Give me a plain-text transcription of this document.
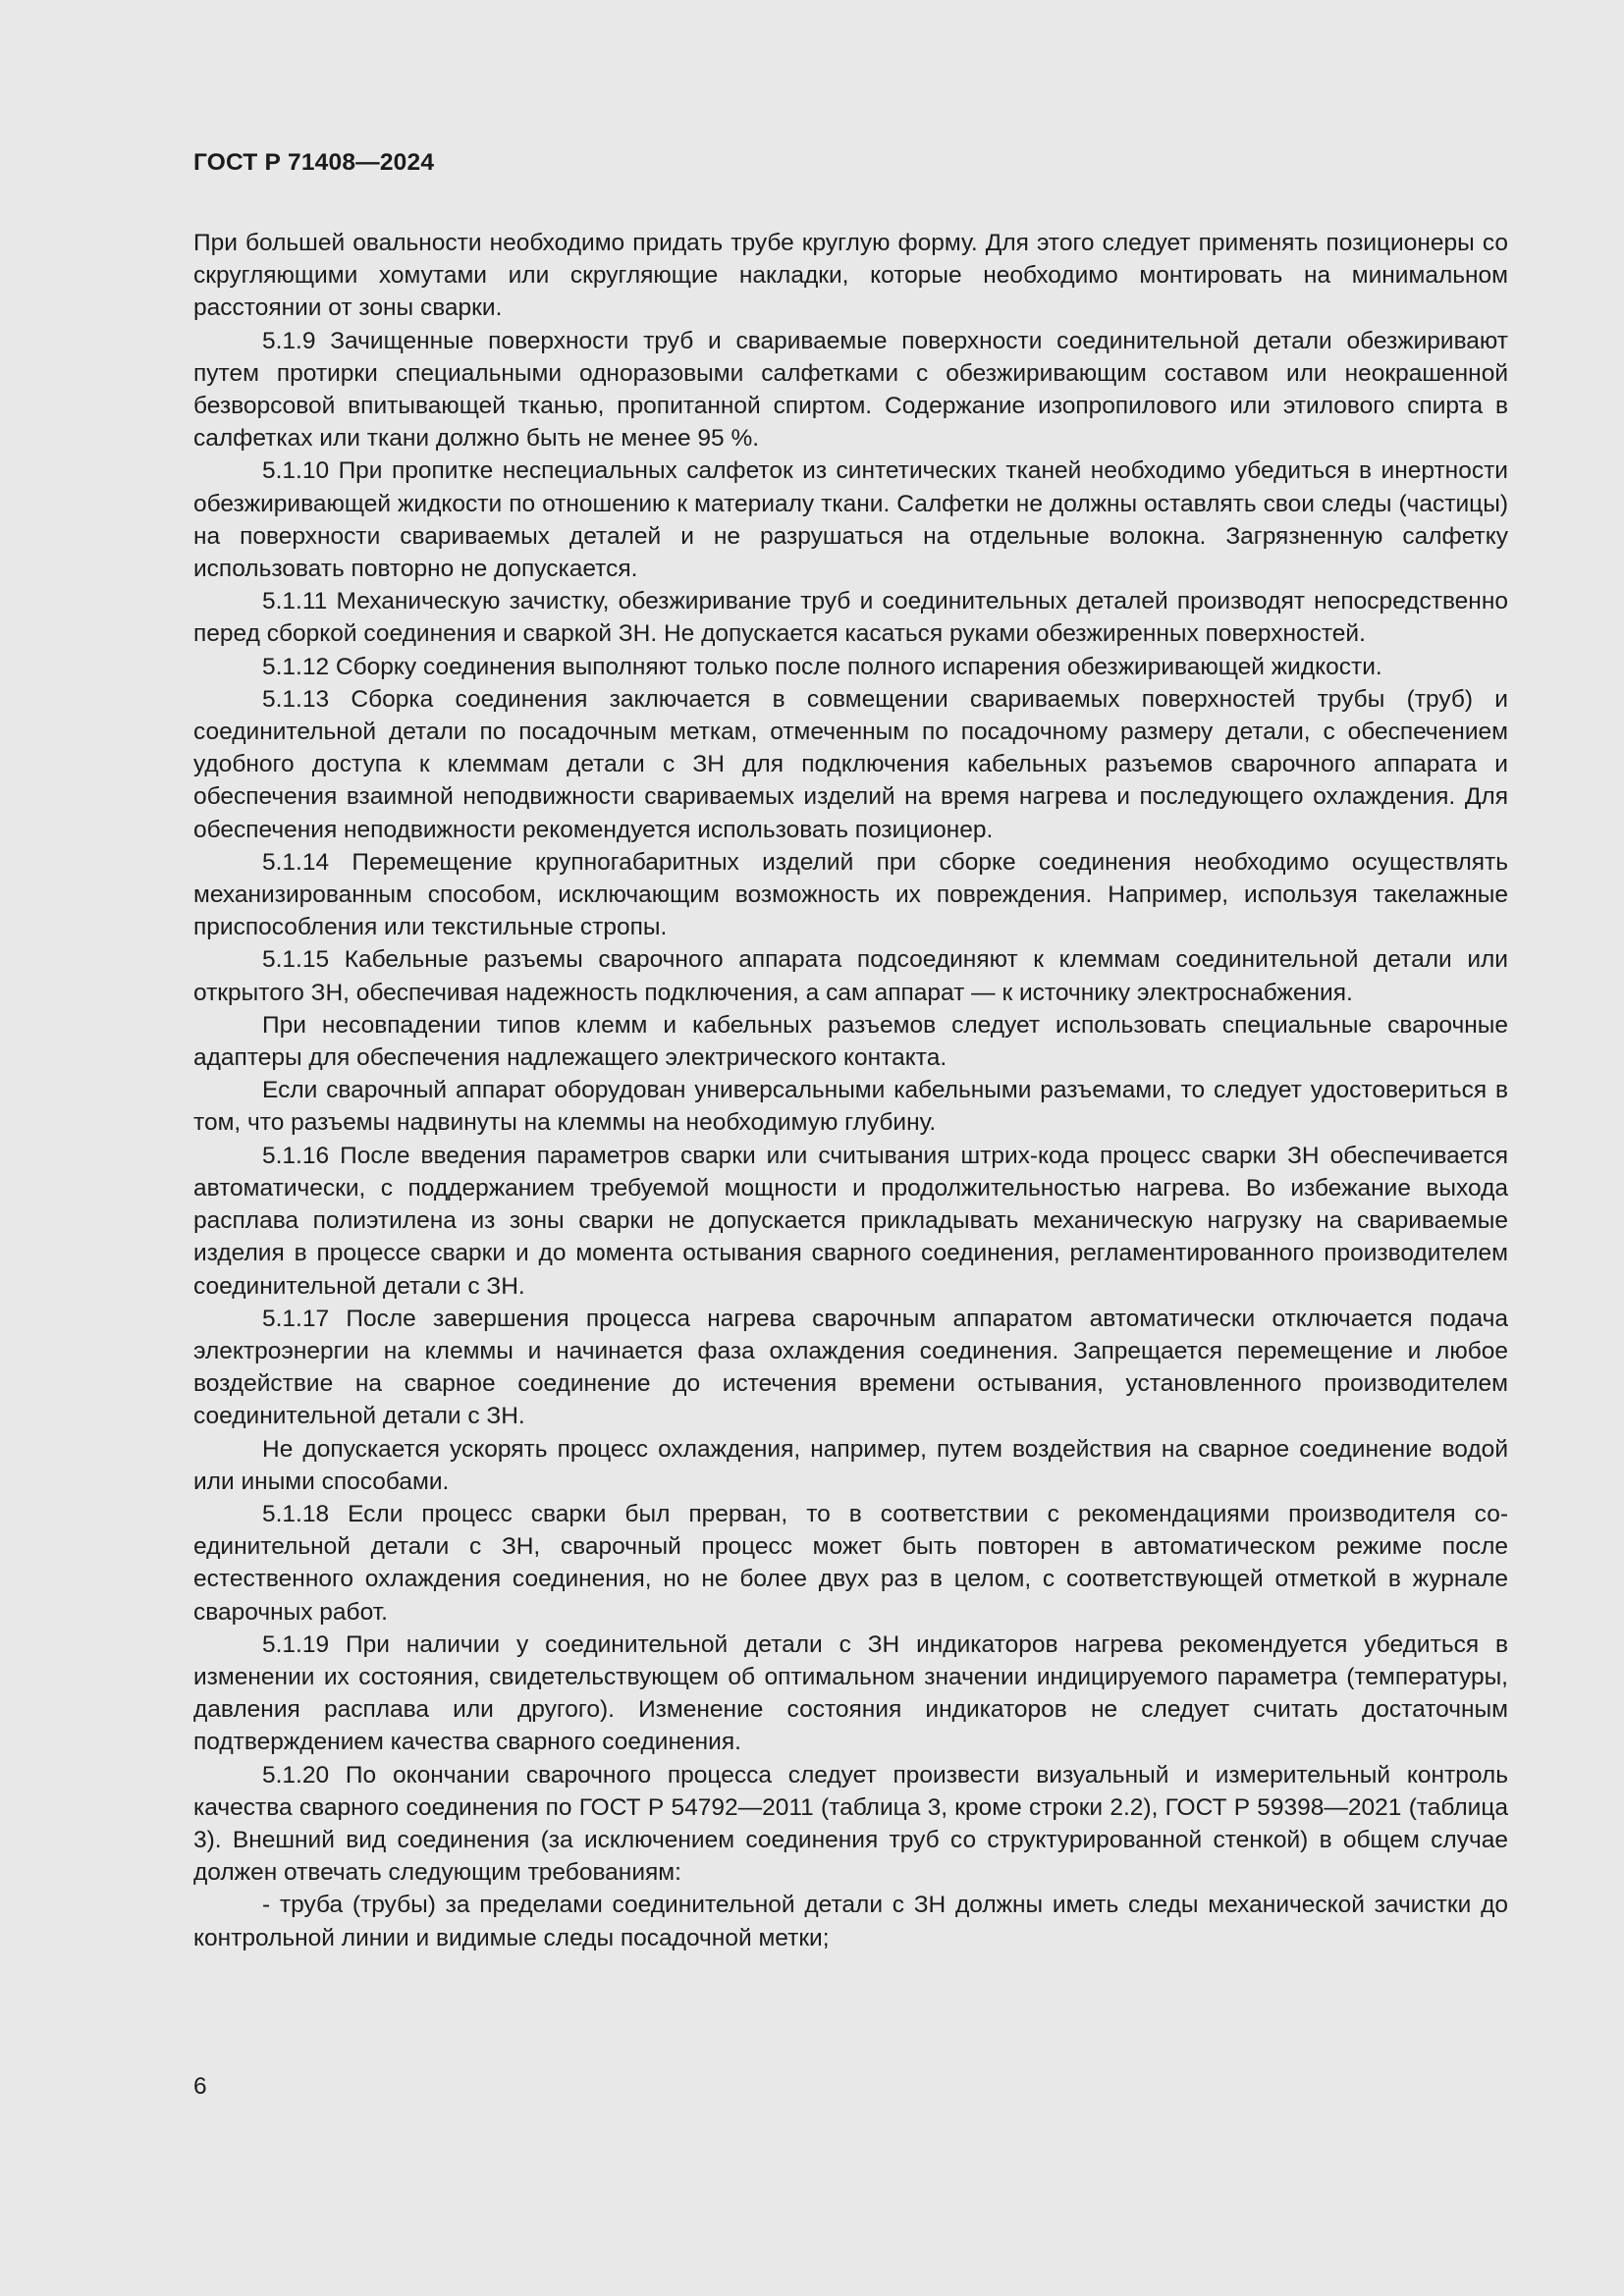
ГОСТ Р 71408—2024

При большей овальности необходимо придать трубе круглую форму. Для этого следует применять позиционеры со скругляющими хомутами или скругляющие накладки, которые необходимо монтировать на минимальном расстоянии от зоны сварки.

5.1.9 Зачищенные поверхности труб и свариваемые поверхности соединительной детали обезжиривают путем протирки специальными одноразовыми салфетками с обезжиривающим составом или неокрашенной безворсовой впитывающей тканью, пропитанной спиртом. Содержание изопропилового или этилового спирта в салфетках или ткани должно быть не менее 95 %.

5.1.10 При пропитке неспециальных салфеток из синтетических тканей необходимо убедиться в инертности обезжиривающей жидкости по отношению к материалу ткани. Салфетки не должны оставлять свои следы (частицы) на поверхности свариваемых деталей и не разрушаться на отдельные волокна. Загрязненную салфетку использовать повторно не допускается.

5.1.11 Механическую зачистку, обезжиривание труб и соединительных деталей производят непосредственно перед сборкой соединения и сваркой ЗН. Не допускается касаться руками обезжиренных поверхностей.

5.1.12 Сборку соединения выполняют только после полного испарения обезжиривающей жидкости.

5.1.13 Сборка соединения заключается в совмещении свариваемых поверхностей трубы (труб) и соединительной детали по посадочным меткам, отмеченным по посадочному размеру детали, с обеспечением удобного доступа к клеммам детали с ЗН для подключения кабельных разъемов сварочного аппарата и обеспечения взаимной неподвижности свариваемых изделий на время нагрева и последующего охлаждения. Для обеспечения неподвижности рекомендуется использовать позиционер.

5.1.14 Перемещение крупногабаритных изделий при сборке соединения необходимо осуществлять механизированным способом, исключающим возможность их повреждения. Например, используя такелажные приспособления или текстильные стропы.

5.1.15 Кабельные разъемы сварочного аппарата подсоединяют к клеммам соединительной детали или открытого ЗН, обеспечивая надежность подключения, а сам аппарат — к источнику электроснабжения.

При несовпадении типов клемм и кабельных разъемов следует использовать специальные сварочные адаптеры для обеспечения надлежащего электрического контакта.

Если сварочный аппарат оборудован универсальными кабельными разъемами, то следует удостовериться в том, что разъемы надвинуты на клеммы на необходимую глубину.

5.1.16 После введения параметров сварки или считывания штрих-кода процесс сварки ЗН обеспечивается автоматически, с поддержанием требуемой мощности и продолжительностью нагрева. Во избежание выхода расплава полиэтилена из зоны сварки не допускается прикладывать механическую нагрузку на свариваемые изделия в процессе сварки и до момента остывания сварного соединения, регламентированного производителем соединительной детали с ЗН.

5.1.17 После завершения процесса нагрева сварочным аппаратом автоматически отключается подача электроэнергии на клеммы и начинается фаза охлаждения соединения. Запрещается перемещение и любое воздействие на сварное соединение до истечения времени остывания, установленного производителем соединительной детали с ЗН.

Не допускается ускорять процесс охлаждения, например, путем воздействия на сварное соединение водой или иными способами.

5.1.18 Если процесс сварки был прерван, то в соответствии с рекомендациями производителя соединительной детали с ЗН, сварочный процесс может быть повторен в автоматическом режиме после естественного охлаждения соединения, но не более двух раз в целом, с соответствующей отметкой в журнале сварочных работ.

5.1.19 При наличии у соединительной детали с ЗН индикаторов нагрева рекомендуется убедиться в изменении их состояния, свидетельствующем об оптимальном значении индицируемого параметра (температуры, давления расплава или другого). Изменение состояния индикаторов не следует считать достаточным подтверждением качества сварного соединения.

5.1.20 По окончании сварочного процесса следует произвести визуальный и измерительный контроль качества сварного соединения по ГОСТ Р 54792—2011 (таблица 3, кроме строки 2.2), ГОСТ Р 59398—2021 (таблица 3). Внешний вид соединения (за исключением соединения труб со структурированной стенкой) в общем случае должен отвечать следующим требованиям:

- труба (трубы) за пределами соединительной детали с ЗН должны иметь следы механической зачистки до контрольной линии и видимые следы посадочной метки;

6
